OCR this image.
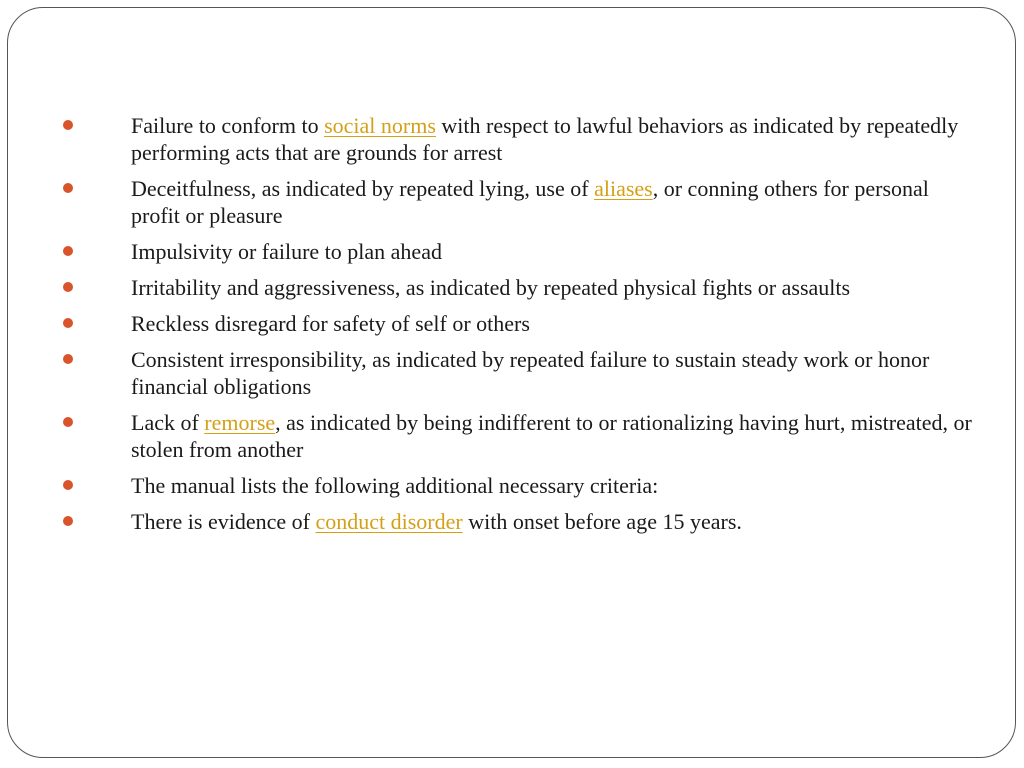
Failure to conform to social norms with respect to lawful behaviors as indicated by repeatedly performing acts that are grounds for arrest
Deceitfulness, as indicated by repeated lying, use of aliases, or conning others for personal profit or pleasure
Impulsivity or failure to plan ahead
Irritability and aggressiveness, as indicated by repeated physical fights or assaults
Reckless disregard for safety of self or others
Consistent irresponsibility, as indicated by repeated failure to sustain steady work or honor financial obligations
Lack of remorse, as indicated by being indifferent to or rationalizing having hurt, mistreated, or stolen from another
The manual lists the following additional necessary criteria:
There is evidence of conduct disorder with onset before age 15 years.
